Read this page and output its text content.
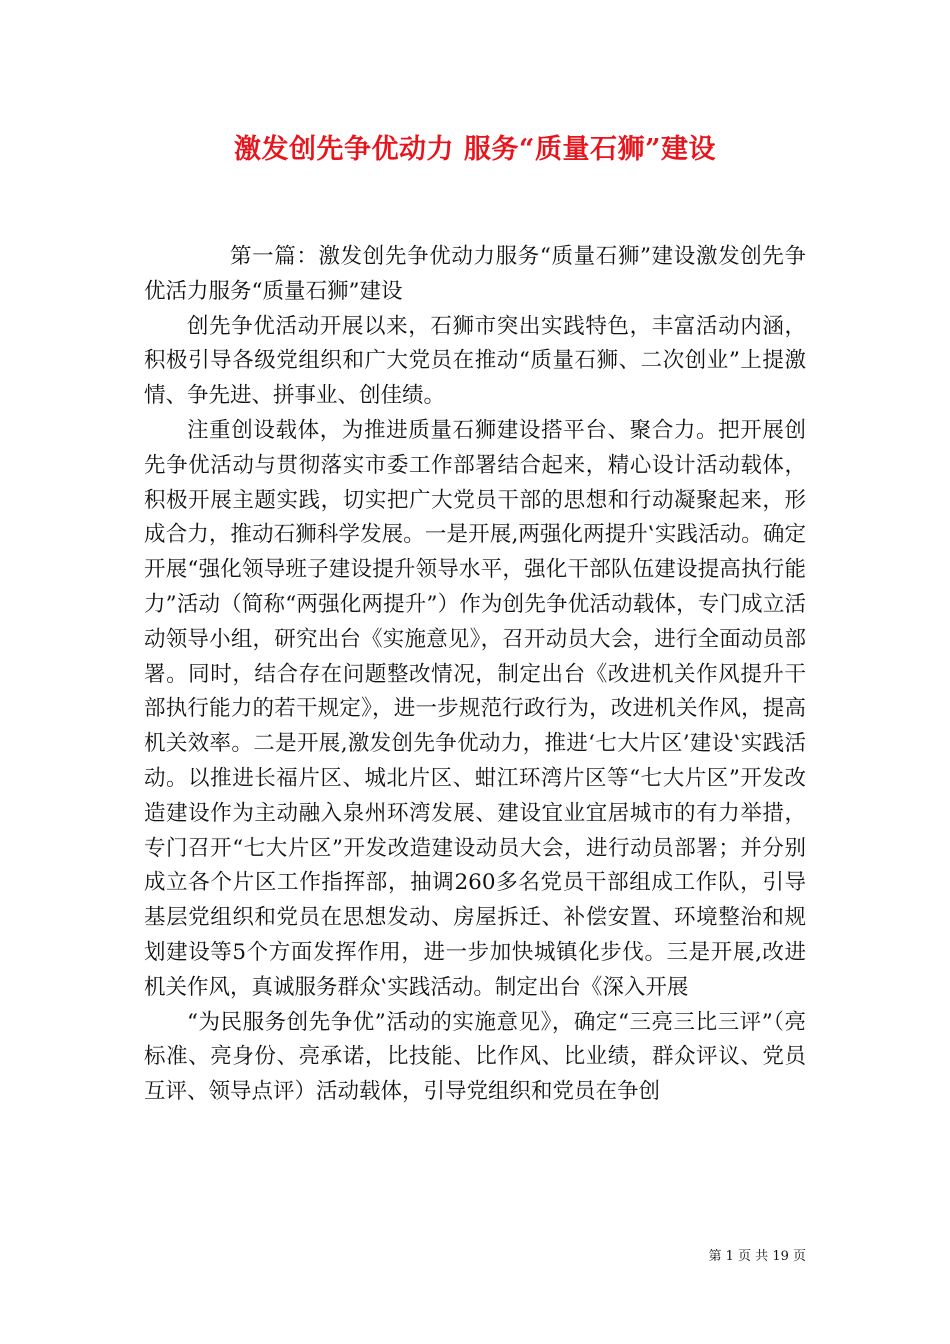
激发创先争优动力 服务“质量石狮”建设

第一篇：激发创先争优动力服务“质量石狮”建设激发创先争优活力服务“质量石狮”建设

创先争优活动开展以来，石狮市突出实践特色，丰富活动内涵，积极引导各级党组织和广大党员在推动“质量石狮、二次创业”上提激情、争先进、拼事业、创佳绩。

注重创设载体，为推进质量石狮建设搭平台、聚合力。把开展创先争优活动与贯彻落实市委工作部署结合起来，精心设计活动载体，积极开展主题实践，切实把广大党员干部的思想和行动凝聚起来，形成合力，推动石狮科学发展。一是开展‚两强化两提升‛实践活动。确定开展“强化领导班子建设提升领导水平，强化干部队伍建设提高执行能力”活动（简称“两强化两提升”）作为创先争优活动载体，专门成立活动领导小组，研究出台《实施意见》，召开动员大会，进行全面动员部署。同时，结合存在问题整改情况，制定出台《改进机关作风提升干部执行能力的若干规定》，进一步规范行政行为，改进机关作风，提高机关效率。二是开展‚激发创先争优动力，推进‘七大片区’建设‛实践活动。以推进长福片区、城北片区、蚶江环湾片区等“七大片区”开发改造建设作为主动融入泉州环湾发展、建设宜业宜居城市的有力举措，专门召开“七大片区”开发改造建设动员大会，进行动员部署；并分别成立各个片区工作指挥部，抽调260多名党员干部组成工作队，引导基层党组织和党员在思想发动、房屋拆迁、补偿安置、环境整治和规划建设等5个方面发挥作用，进一步加快城镇化步伐。三是开展‚改进机关作风，真诚服务群众‛实践活动。制定出台《深入开展

“为民服务创先争优”活动的实施意见》，确定“三亮三比三评”（亮标准、亮身份、亮承诺，比技能、比作风、比业绩，群众评议、党员互评、领导点评）活动载体，引导党组织和党员在争创

第 1 页 共 19 页
